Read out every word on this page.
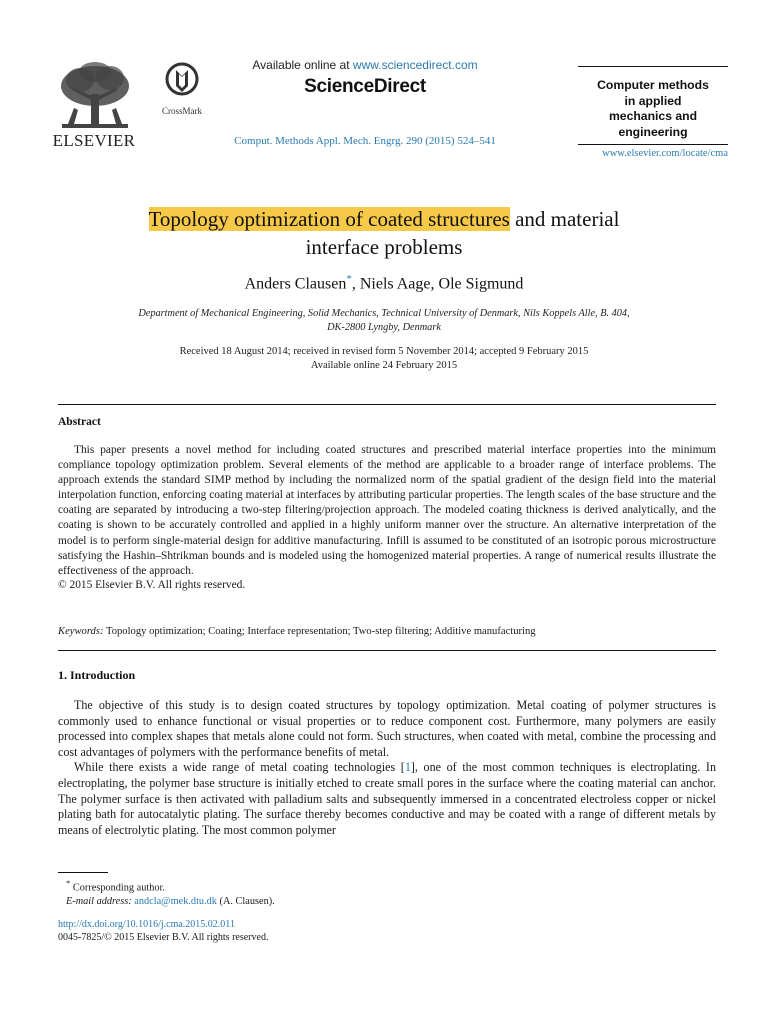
ELSEVIER
CrossMark
Available online at www.sciencedirect.com
ScienceDirect
Comput. Methods Appl. Mech. Engrg. 290 (2015) 524–541
Computer methods
in applied
mechanics and
engineering
www.elsevier.com/locate/cma
Topology optimization of coated structures and material
interface problems
Anders Clausen*, Niels Aage, Ole Sigmund
Department of Mechanical Engineering, Solid Mechanics, Technical University of Denmark, Nils Koppels Alle, B. 404,
DK-2800 Lyngby, Denmark
Received 18 August 2014; received in revised form 5 November 2014; accepted 9 February 2015
Available online 24 February 2015
Abstract

This paper presents a novel method for including coated structures and prescribed material interface properties into the minimum compliance topology optimization problem. Several elements of the method are applicable to a broader range of interface problems. The approach extends the standard SIMP method by including the normalized norm of the spatial gradient of the design field into the material interpolation function, enforcing coating material at interfaces by attributing particular properties. The length scales of the base structure and the coating are separated by introducing a two-step filtering/projection approach. The modeled coating thickness is derived analytically, and the coating is shown to be accurately controlled and applied in a highly uniform manner over the structure. An alternative interpretation of the model is to perform single-material design for additive manufacturing. Infill is assumed to be constituted of an isotropic porous microstructure satisfying the Hashin–Shtrikman bounds and is modeled using the homogenized material properties. A range of numerical results illustrate the effectiveness of the approach.

© 2015 Elsevier B.V. All rights reserved.
Keywords: Topology optimization; Coating; Interface representation; Two-step filtering; Additive manufacturing
1. Introduction

The objective of this study is to design coated structures by topology optimization. Metal coating of polymer structures is commonly used to enhance functional or visual properties or to reduce component cost. Furthermore, many polymers are easily processed into complex shapes that metals alone could not form. Such structures, when coated with metal, combine the processing and cost advantages of polymers with the performance benefits of metal.

While there exists a wide range of metal coating technologies [1], one of the most common techniques is electroplating. In electroplating, the polymer base structure is initially etched to create small pores in the surface where the coating material can anchor. The polymer surface is then activated with palladium salts and subsequently immersed in a concentrated electroless copper or nickel plating bath for autocatalytic plating. The surface thereby becomes conductive and may be coated with a range of different metals by means of electrolytic plating. The most common polymer

* Corresponding author.
E-mail address: andcla@mek.dtu.dk (A. Clausen).
http://dx.doi.org/10.1016/j.cma.2015.02.011
0045-7825/© 2015 Elsevier B.V. All rights reserved.
